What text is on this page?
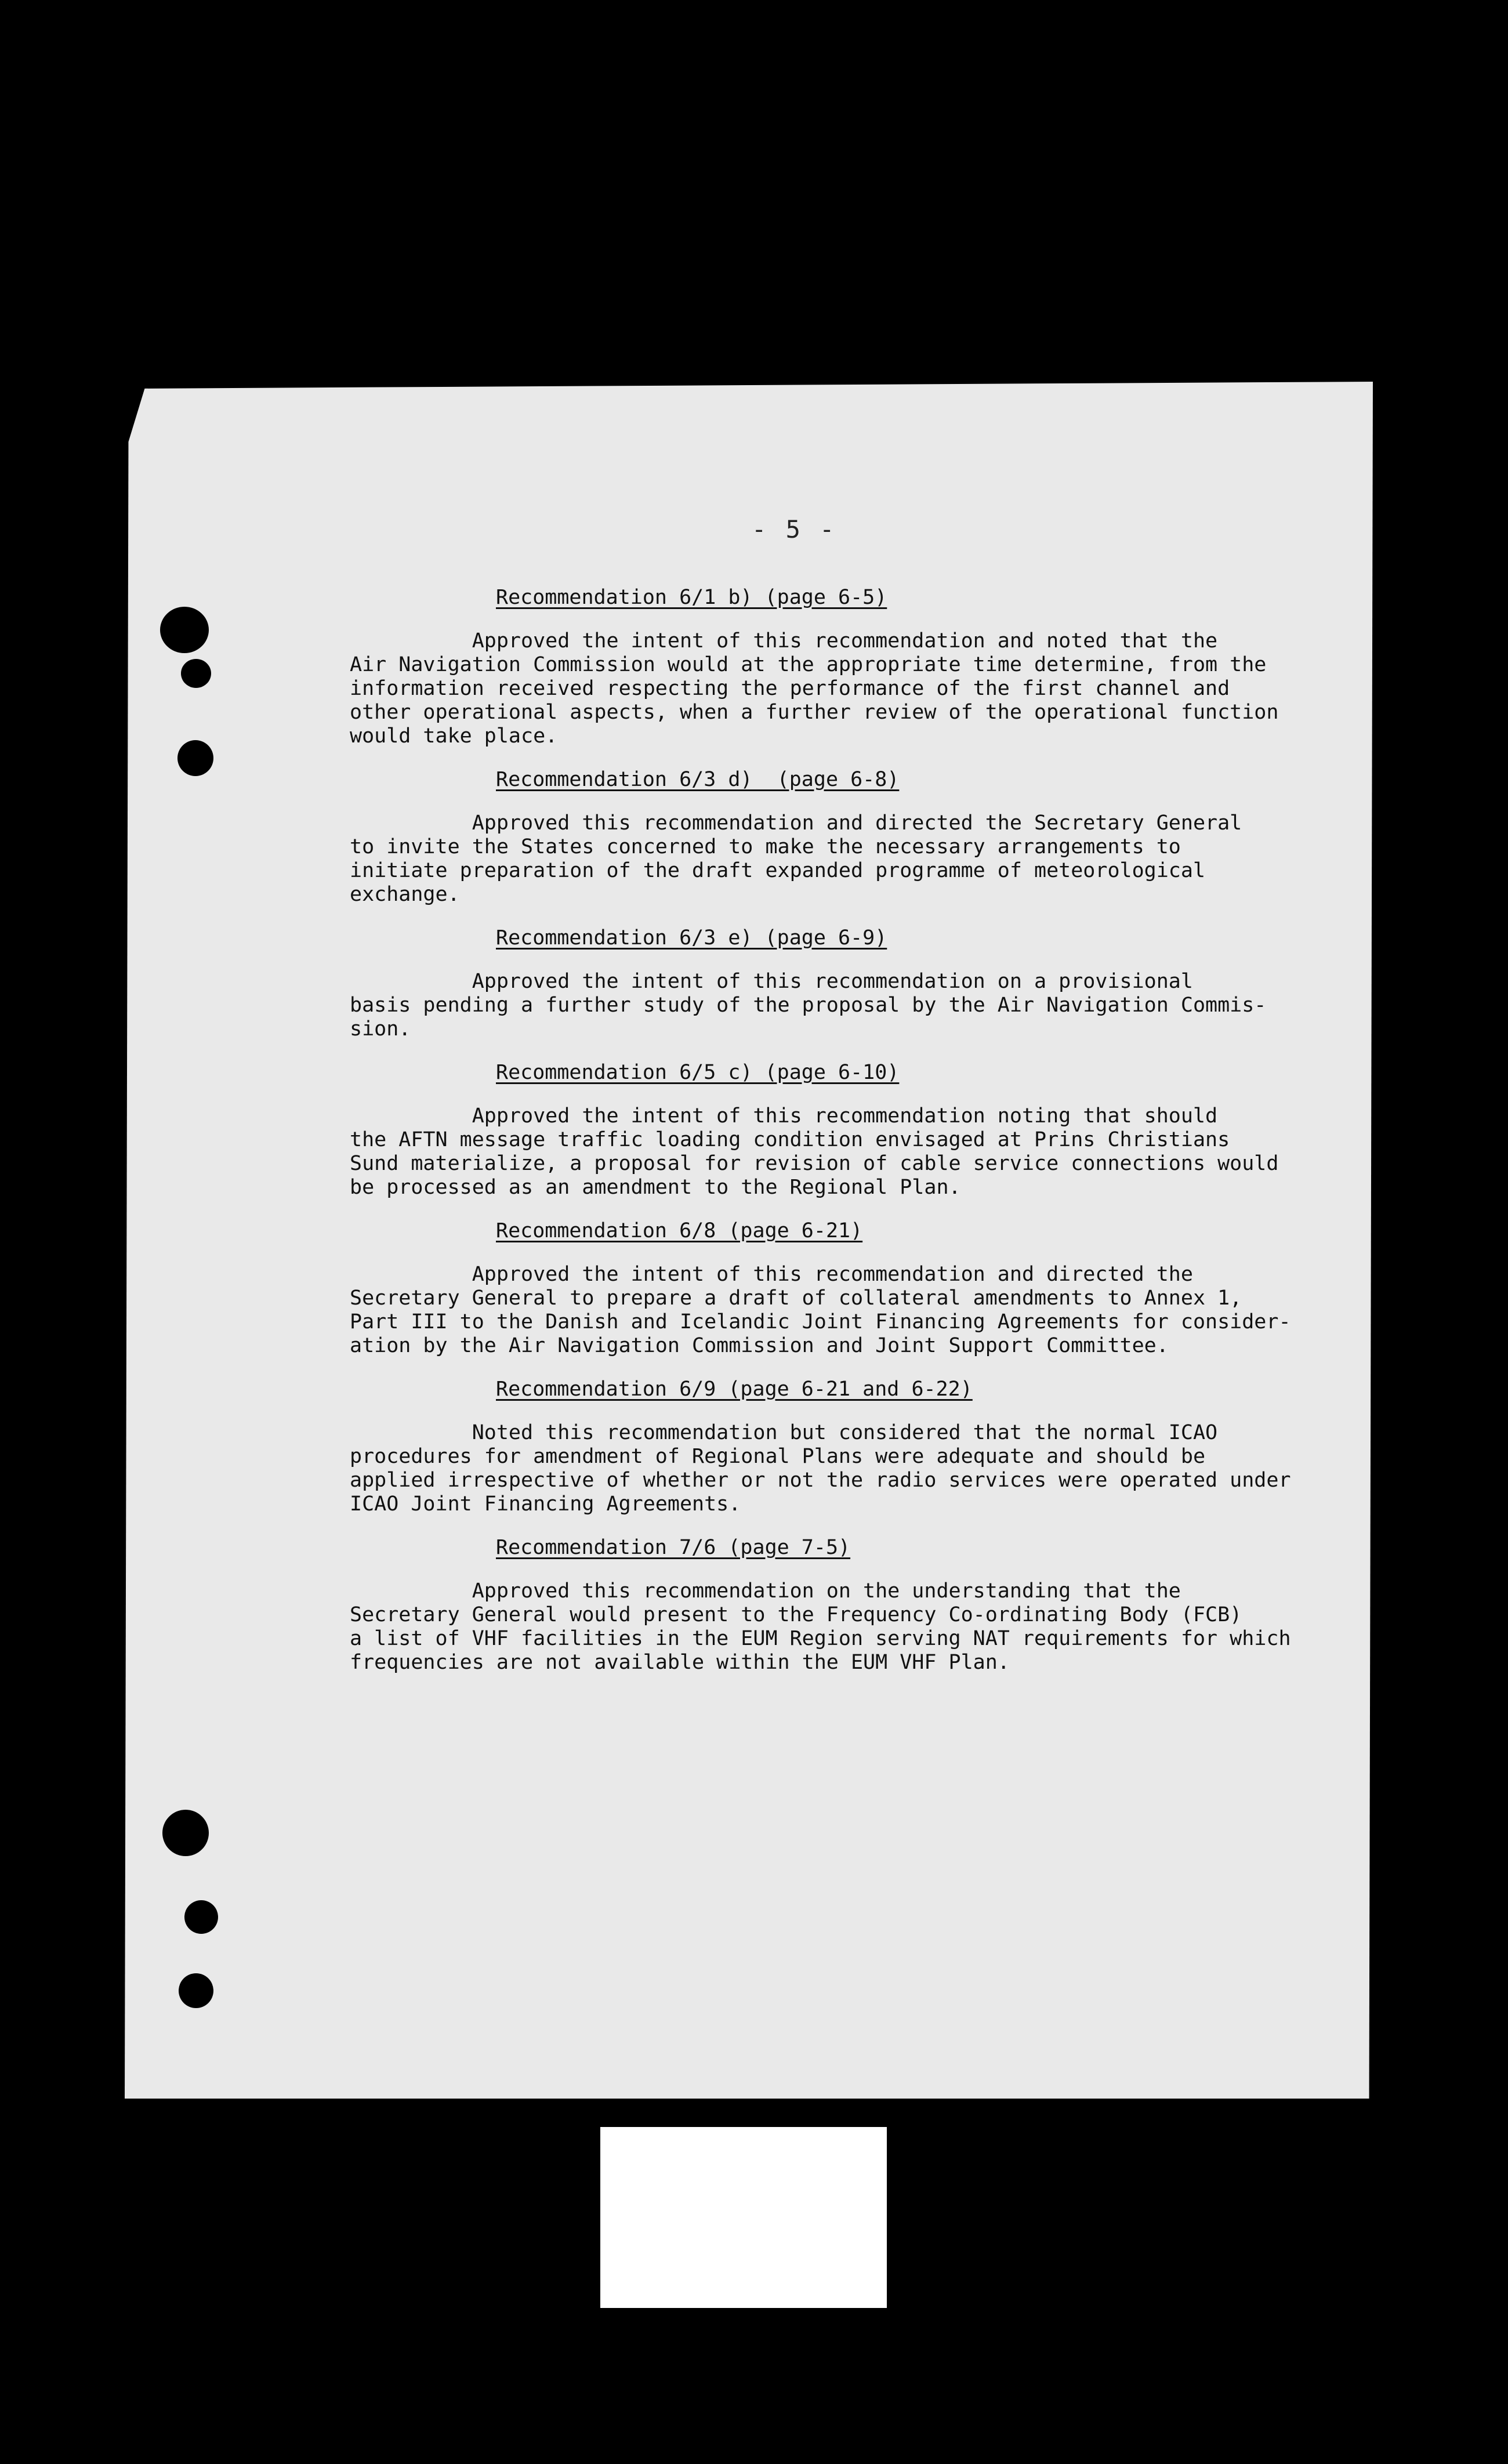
- 5 -
Recommendation 6/1 b) (page 6-5)
Approved the intent of this recommendation and noted that the
Air Navigation Commission would at the appropriate time determine, from the
information received respecting the performance of the first channel and
other operational aspects, when a further review of the operational function
would take place.
Recommendation 6/3 d)  (page 6-8)
Approved this recommendation and directed the Secretary General
to invite the States concerned to make the necessary arrangements to
initiate preparation of the draft expanded programme of meteorological
exchange.
Recommendation 6/3 e) (page 6-9)
Approved the intent of this recommendation on a provisional
basis pending a further study of the proposal by the Air Navigation Commis-
sion.
Recommendation 6/5 c) (page 6-10)
Approved the intent of this recommendation noting that should
the AFTN message traffic loading condition envisaged at Prins Christians
Sund materialize, a proposal for revision of cable service connections would
be processed as an amendment to the Regional Plan.
Recommendation 6/8 (page 6-21)
Approved the intent of this recommendation and directed the
Secretary General to prepare a draft of collateral amendments to Annex 1,
Part III to the Danish and Icelandic Joint Financing Agreements for consider-
ation by the Air Navigation Commission and Joint Support Committee.
Recommendation 6/9 (page 6-21 and 6-22)
Noted this recommendation but considered that the normal ICAO
procedures for amendment of Regional Plans were adequate and should be
applied irrespective of whether or not the radio services were operated under
ICAO Joint Financing Agreements.
Recommendation 7/6 (page 7-5)
Approved this recommendation on the understanding that the
Secretary General would present to the Frequency Co-ordinating Body (FCB)
a list of VHF facilities in the EUM Region serving NAT requirements for which
frequencies are not available within the EUM VHF Plan.
